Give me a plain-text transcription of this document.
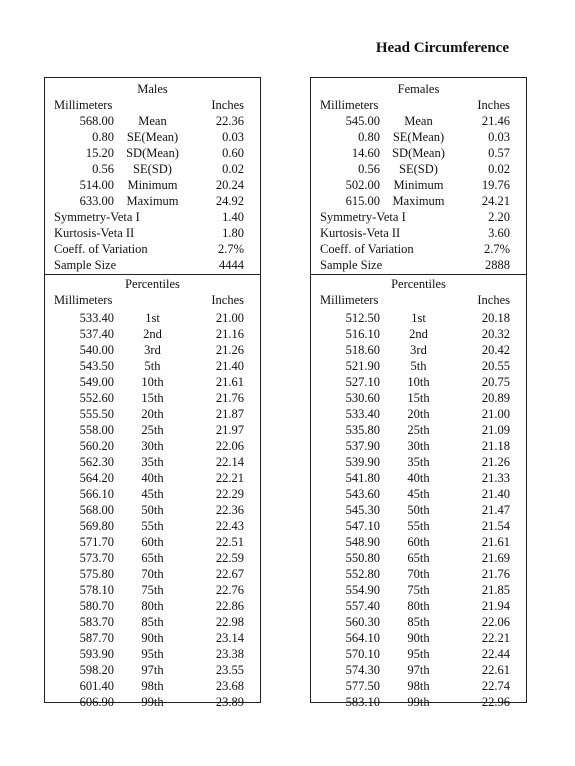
Head Circumference
Males
Millimeters	Inches
568.00	Mean	22.36
0.80	SE(Mean)	0.03
15.20 SD(Mean)	0.60
0.56	SE(SD)	0.02
514.00	Minimum	20.24
633.00 Maximum	24.92
Symmetry-Veta I	1.40
Kurtosis-Veta II	1.80
Coeff. of Variation	2.7%
Sample Size	4444
Percentiles
Millimeters	Inches
533.40	1st	21.00
537.40	2nd	21.16
540.00	3rd	21.26
543.50	5th	21.40
549.00	10th	21.61
552.60	15th	21.76
555.50	20th	21.87
558.00	25th	21.97
560.20	30th	22.06
562.30	35th	22.14
564.20	40th	22.21
566.10	45th	22.29
568.00	50th	22.36
569.80	55th	22.43
571.70	60th	22.51
573.70	65th	22.59
575.80	70th	22.67
578.10	75th	22.76
580.70	80th	22.86
583.70	85th	22.98
587.70	90th	23.14
593.90	95th	23.38
598.20	97th	23.55
601.40	98th	23.68
606.90	99th	23.89
Females
Millimeters	Inches
545.00	Mean	21.46
0.80	SE(Mean)	0.03
14.60 SD(Mean)	0.57
0.56	SE(SD)	0.02
502.00	Minimum	19.76
615.00 Maximum	24.21
Symmetry-Veta I	2.20
Kurtosis-Veta II	3.60
Coeff. of Variation	2.7%
Sample Size	2888
Percentiles
Millimeters	Inches
512.50	1st	20.18
516.10	2nd	20.32
518.60	3rd	20.42
521.90	5th	20.55
527.10	10th	20.75
530.60	15th	20.89
533.40	20th	21.00
535.80	25th	21.09
537.90	30th	21.18
539.90	35th	21.26
541.80	40th	21.33
543.60	45th	21.40
545.30	50th	21.47
547.10	55th	21.54
548.90	60th	21.61
550.80	65th	21.69
552.80	70th	21.76
554.90	75th	21.85
557.40	80th	21.94
560.30	85th	22.06
564.10	90th	22.21
570.10	95th	22.44
574.30	97th	22.61
577.50	98th	22.74
583.10	99th	22.96
